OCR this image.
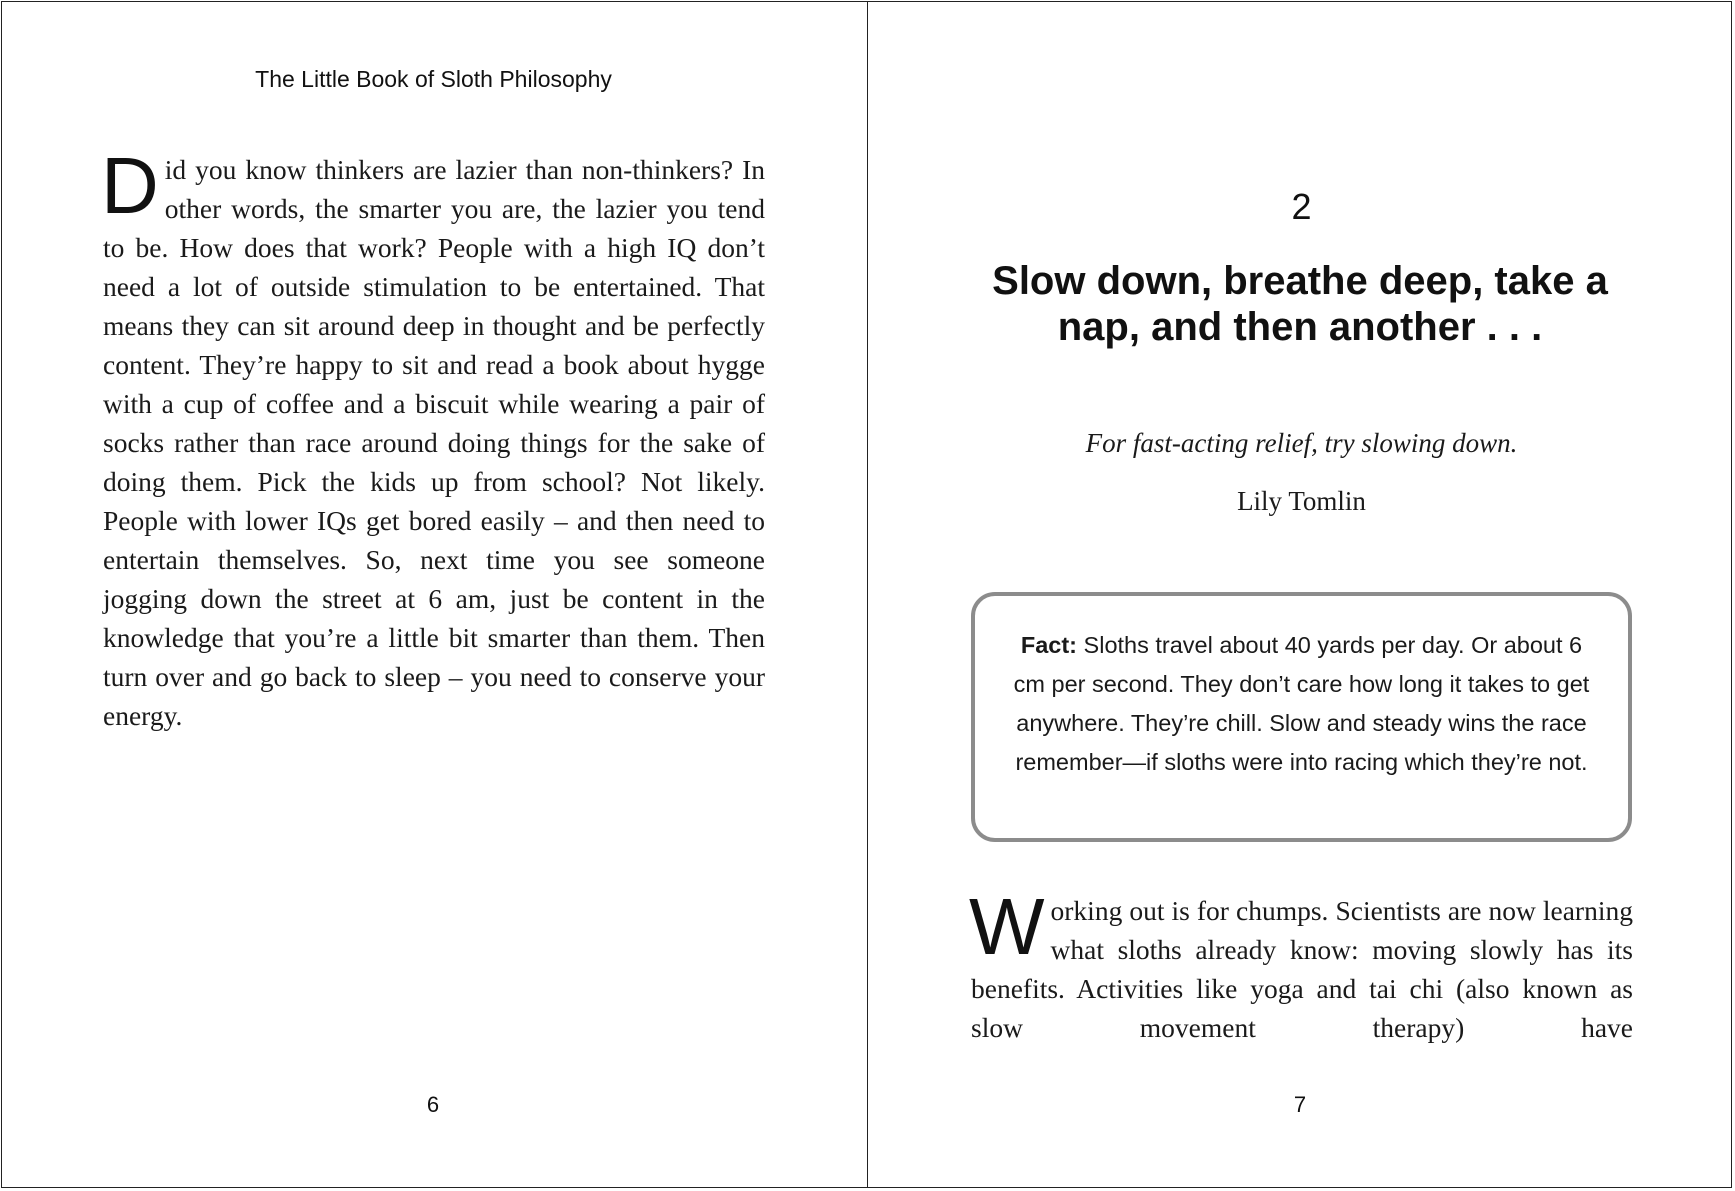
The Little Book of Sloth Philosophy
Did you know thinkers are lazier than non-thinkers? In other words, the smarter you are, the lazier you tend to be. How does that work? People with a high IQ don’t need a lot of outside stimulation to be entertained. That means they can sit around deep in thought and be perfectly content. They’re happy to sit and read a book about hygge with a cup of coffee and a biscuit while wearing a pair of socks rather than race around doing things for the sake of doing them. Pick the kids up from school? Not likely. People with lower IQs get bored easily – and then need to entertain themselves. So, next time you see someone jogging down the street at 6 am, just be content in the knowledge that you’re a little bit smarter than them. Then turn over and go back to sleep – you need to conserve your energy.
6
2
Slow down, breathe deep, take a nap, and then another . . .
For fast-acting relief, try slowing down.
Lily Tomlin
Fact: Sloths travel about 40 yards per day. Or about 6 cm per second. They don’t care how long it takes to get anywhere. They’re chill. Slow and steady wins the race remember—if sloths were into racing which they’re not.
Working out is for chumps. Scientists are now learning what sloths already know: moving slowly has its benefits. Activities like yoga and tai chi (also known as slow movement therapy) have
7
